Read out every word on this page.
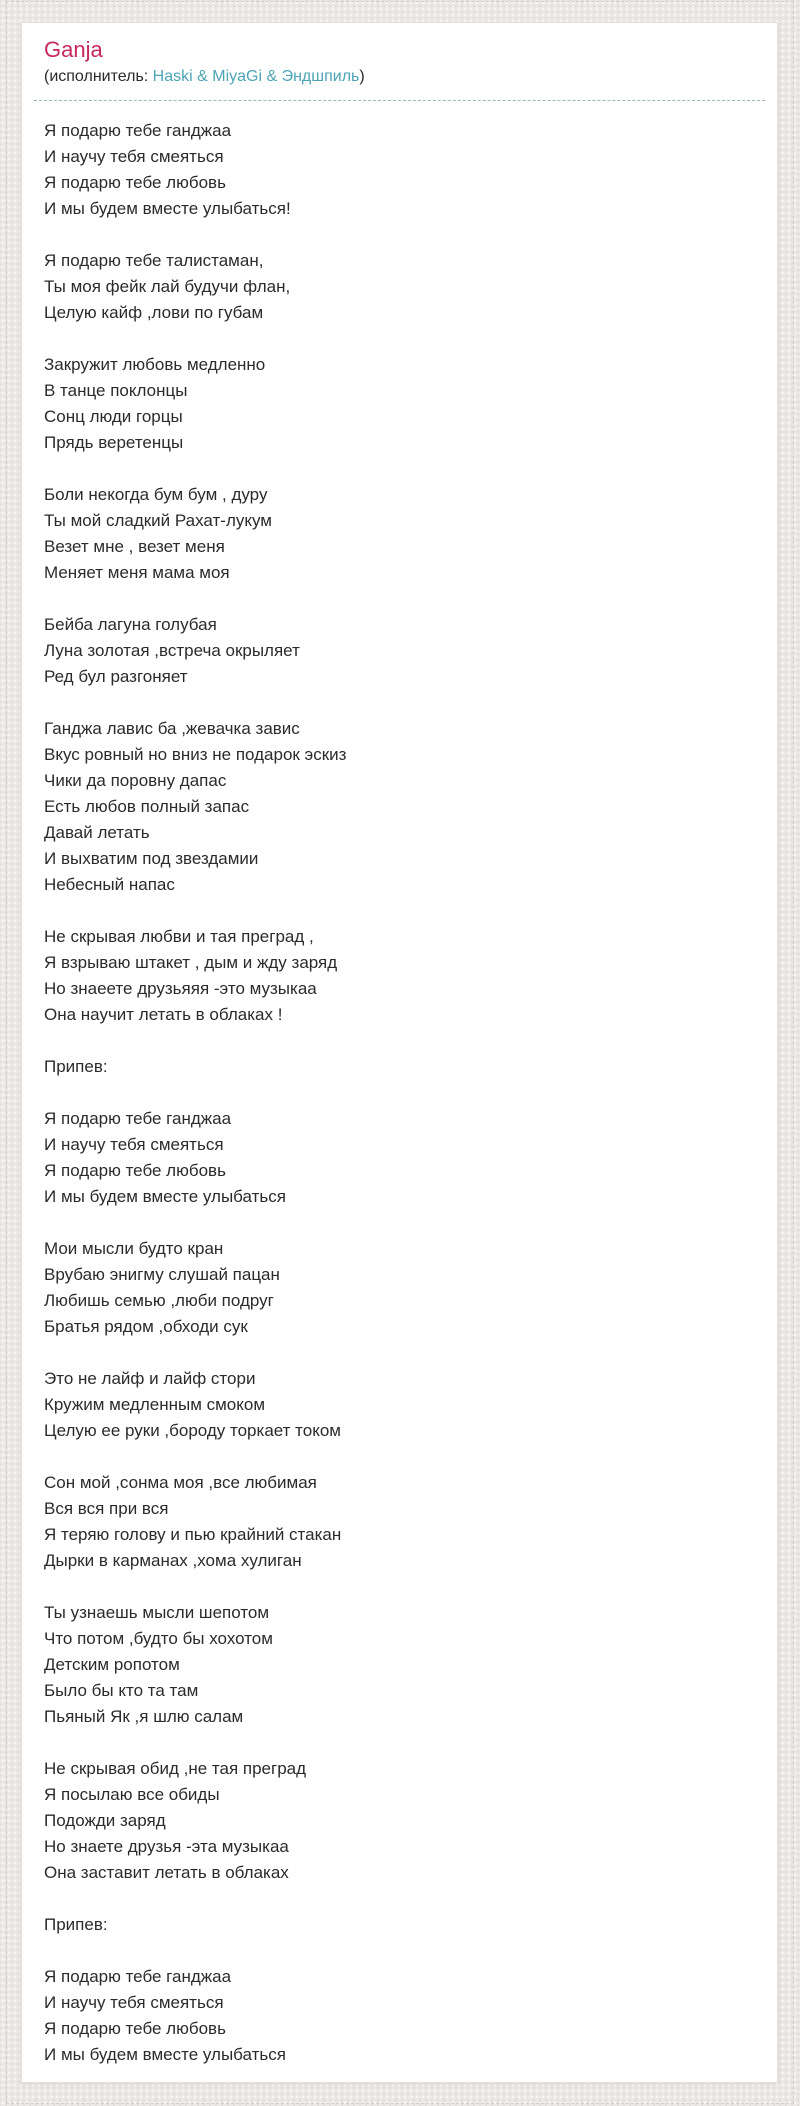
Ganja
(исполнитель: Haski & MiyaGi & Эндшпиль)
Я подарю тебе ганджаа
И научу тебя смеяться
Я подарю тебе любовь
И мы будем вместе улыбаться!
Я подарю тебе талистаман,
Ты моя фейк лай будучи флан,
Целую кайф ,лови по губам
Закружит любовь медленно
В танце поклонцы
Сонц люди горцы
Прядь веретенцы
Боли некогда бум бум , дуру
Ты мой сладкий Рахат-лукум
Везет мне , везет меня
Меняет меня мама моя
Бейба лагуна голубая
Луна золотая ,встреча окрыляет
Ред бул разгоняет
Ганджа лавис ба ,жевачка завис
Вкус ровный но вниз не подарок эскиз
Чики да поровну дапас
Есть любов полный запас
Давай летать
И выхватим под звездамии
Небесный напас
Не скрывая любви и тая преград ,
Я взрываю штакет , дым и жду заряд
Но знаеете друзьяяя -это музыкаа
Она научит летать в облаках !
Припев:
Я подарю тебе ганджаа
И научу тебя смеяться
Я подарю тебе любовь
И мы будем вместе улыбаться
Мои мысли будто кран
Врубаю энигму слушай пацан
Любишь семью ,люби подруг
Братья рядом ,обходи сук
Это не лайф и лайф стори
Кружим медленным смоком
Целую ее руки ,бороду торкает током
Сон мой ,сонма моя ,все любимая
Вся вся при вся
Я теряю голову и пью крайний стакан
Дырки в карманах ,хома хулиган
Ты узнаешь мысли шепотом
Что потом ,будто бы хохотом
Детским ропотом
Было бы кто та там
Пьяный Як ,я шлю салам
Не скрывая обид ,не тая преград
Я посылаю все обиды
Подожди заряд
Но знаете друзья -эта музыкаа
Она заставит летать в облаках
Припев:
Я подарю тебе ганджаа
И научу тебя смеяться
Я подарю тебе любовь
И мы будем вместе улыбаться
